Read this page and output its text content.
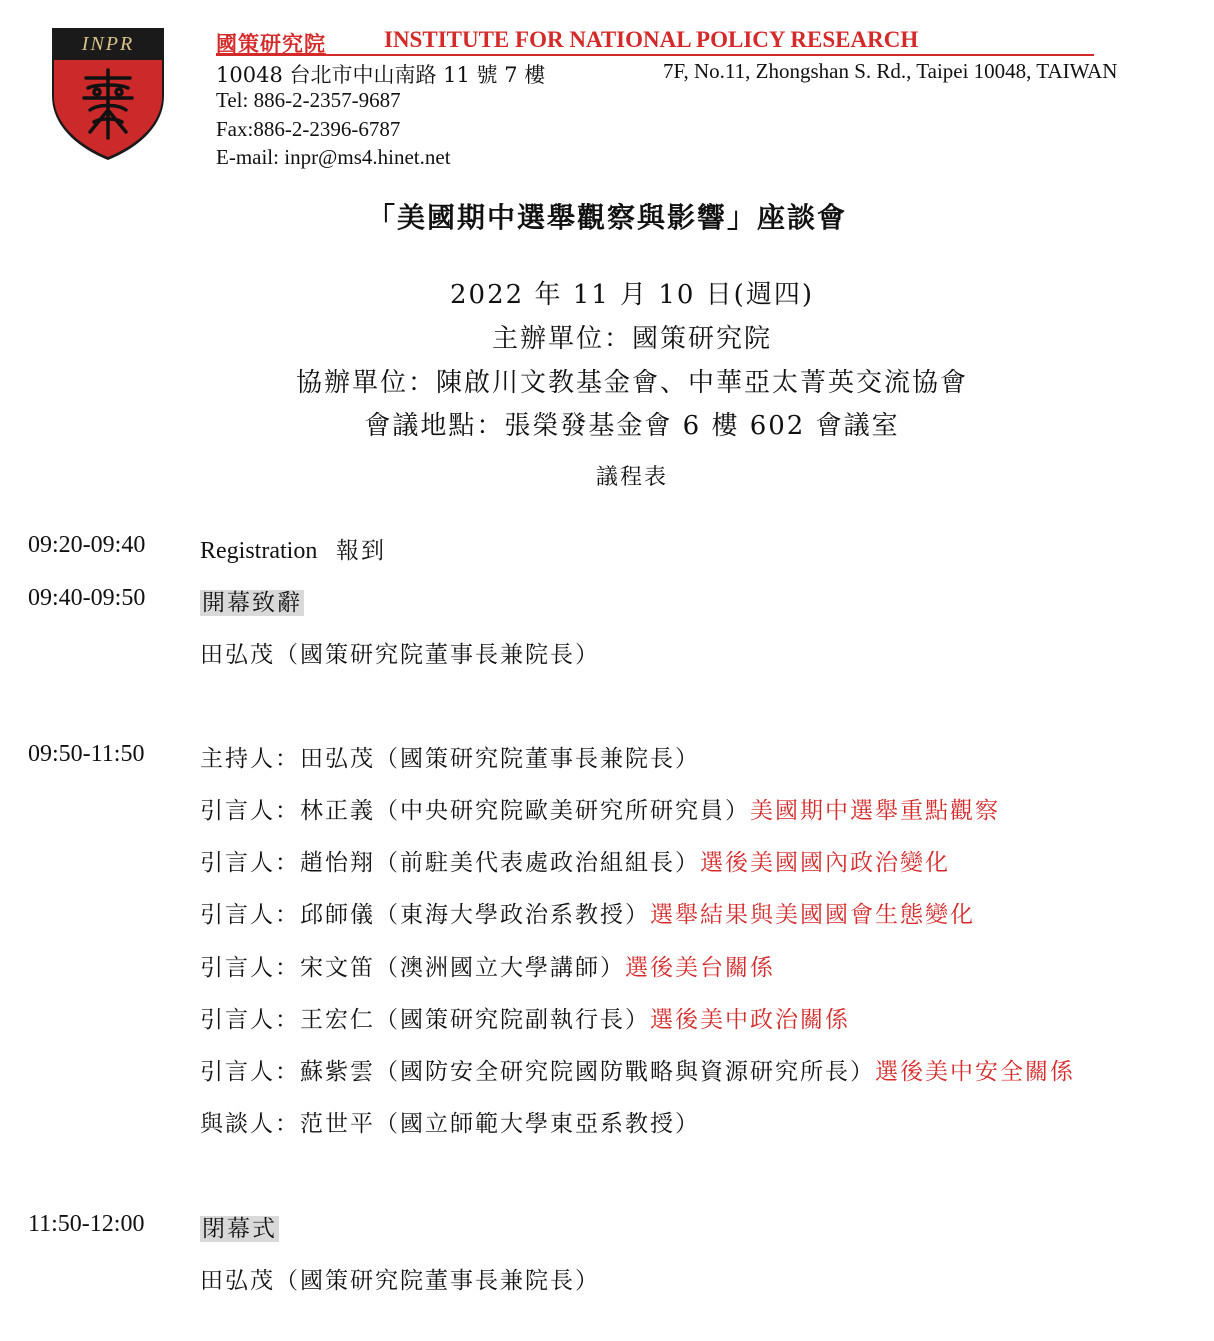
INPR	國策研究院	INSTITUTE FOR NATIONAL POLICY RESEARCH
10048 台北市中山南路 11 號 7 樓	7F, No.11, Zhongshan S. Rd., Taipei 10048, TAIWAN
Tel: 886-2-2357-9687
Fax:886-2-2396-6787
E-mail: inpr@ms4.hinet.net
「美國期中選舉觀察與影響」座談會
2022 年 11 月 10 日(週四)
主辦單位：國策研究院
協辦單位：陳啟川文教基金會、中華亞太菁英交流協會
會議地點：張榮發基金會 6 樓 602 會議室
議程表
09:20-09:40 Registration 報到
09:40-09:50 開幕致辭
田弘茂（國策研究院董事長兼院長）
09:50-11:50 主持人：田弘茂（國策研究院董事長兼院長）
引言人：林正義（中央研究院歐美研究所研究員）美國期中選舉重點觀察
引言人：趙怡翔（前駐美代表處政治組組長）選後美國國內政治變化
引言人：邱師儀（東海大學政治系教授）選舉結果與美國國會生態變化
引言人：宋文笛（澳洲國立大學講師）選後美台關係
引言人：王宏仁（國策研究院副執行長）選後美中政治關係
引言人：蘇紫雲（國防安全研究院國防戰略與資源研究所長）選後美中安全關係
與談人：范世平（國立師範大學東亞系教授）
11:50-12:00	閉幕式
田弘茂（國策研究院董事長兼院長）
